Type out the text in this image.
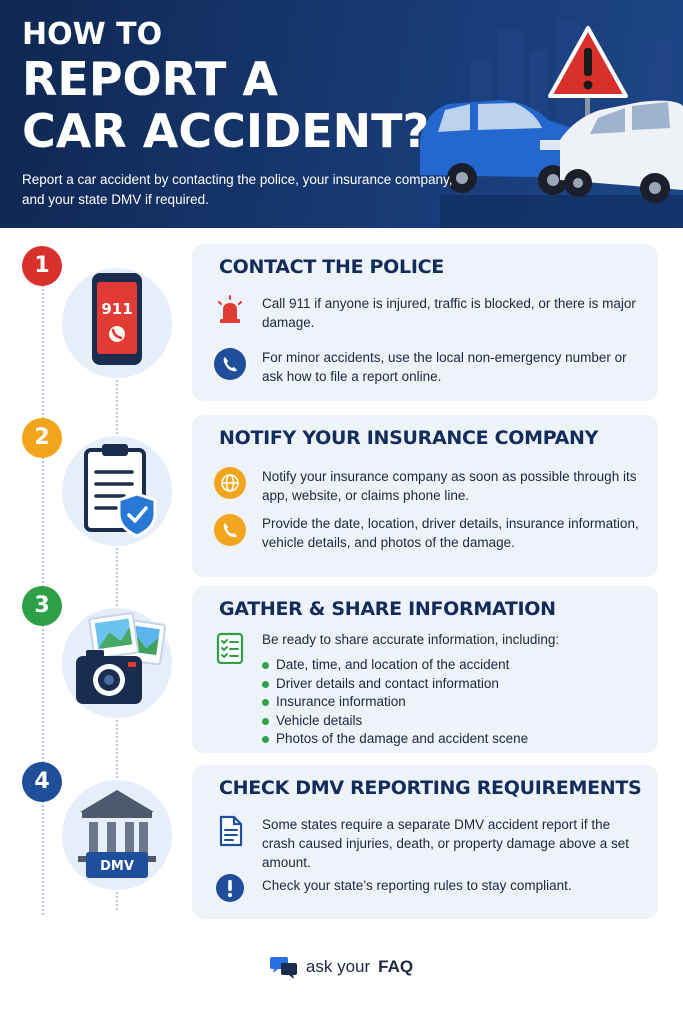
HOW TO
REPORT A
CAR ACCIDENT?

Report a car accident by contacting the police, your insurance company, and your state DMV if required.

1
911
CONTACT THE POLICE
Call 911 if anyone is injured, traffic is blocked, or there is major damage.
For minor accidents, use the local non-emergency number or ask how to file a report online.
2	NOTIFY YOUR INSURANCE COMPANY
Notify your insurance company as soon as possible through its app, website, or claims phone line.
Provide the date, location, driver details, insurance information, vehicle details, and photos of the damage.
3	GATHER & SHARE INFORMATION
Be ready to share accurate information, including:
Date, time, and location of the accident
Driver details and contact information
Insurance information
Vehicle details
Photos of the damage and accident scene
4
DMV
CHECK DMV REPORTING REQUIREMENTS
Some states require a separate DMV accident report if the crash caused injuries, death, or property damage above a set amount.
Check your state’s reporting rules to stay compliant.
ask your FAQ
